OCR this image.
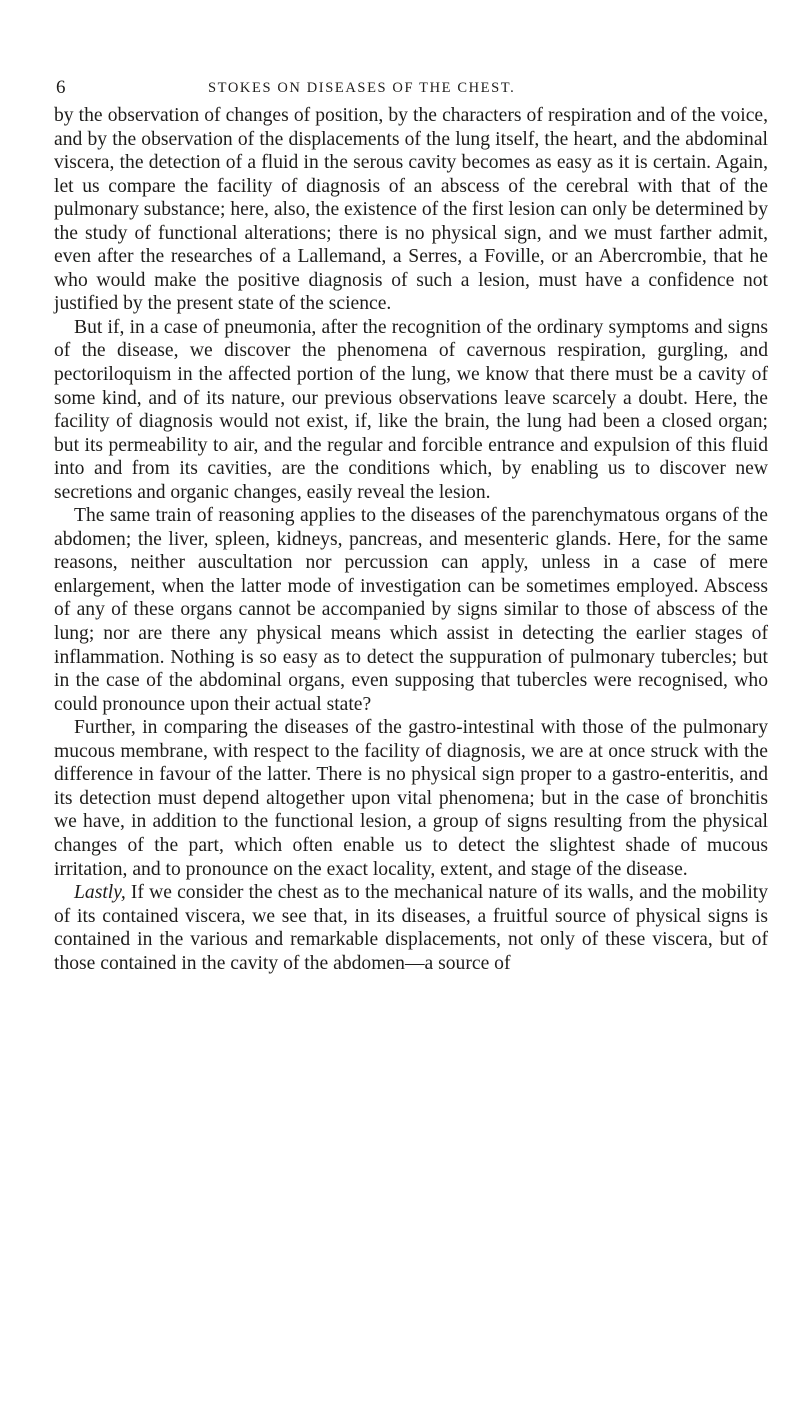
6	STOKES ON DISEASES OF THE CHEST.

by the observation of changes of position, by the characters of respiration and of the voice, and by the observation of the displacements of the lung itself, the heart, and the abdominal viscera, the detection of a fluid in the serous cavity becomes as easy as it is certain. Again, let us compare the facility of diagnosis of an abscess of the cerebral with that of the pulmonary substance; here, also, the existence of the first lesion can only be determined by the study of functional alterations; there is no physical sign, and we must farther admit, even after the researches of a Lallemand, a Serres, a Foville, or an Abercrombie, that he who would make the positive diagnosis of such a lesion, must have a confidence not justified by the present state of the science.

But if, in a case of pneumonia, after the recognition of the ordinary symptoms and signs of the disease, we discover the phenomena of cavernous respiration, gurgling, and pectoriloquism in the affected portion of the lung, we know that there must be a cavity of some kind, and of its nature, our previous observations leave scarcely a doubt. Here, the facility of diagnosis would not exist, if, like the brain, the lung had been a closed organ; but its permeability to air, and the regular and forcible entrance and expulsion of this fluid into and from its cavities, are the conditions which, by enabling us to discover new secretions and organic changes, easily reveal the lesion.

The same train of reasoning applies to the diseases of the parenchymatous organs of the abdomen; the liver, spleen, kidneys, pancreas, and mesenteric glands. Here, for the same reasons, neither auscultation nor percussion can apply, unless in a case of mere enlargement, when the latter mode of investigation can be sometimes employed. Abscess of any of these organs cannot be accompanied by signs similar to those of abscess of the lung; nor are there any physical means which assist in detecting the earlier stages of inflammation. Nothing is so easy as to detect the suppuration of pulmonary tubercles; but in the case of the abdominal organs, even supposing that tubercles were recognised, who could pronounce upon their actual state?

Further, in comparing the diseases of the gastro-intestinal with those of the pulmonary mucous membrane, with respect to the facility of diagnosis, we are at once struck with the difference in favour of the latter. There is no physical sign proper to a gastro-enteritis, and its detection must depend altogether upon vital phenomena; but in the case of bronchitis we have, in addition to the functional lesion, a group of signs resulting from the physical changes of the part, which often enable us to detect the slightest shade of mucous irritation, and to pronounce on the exact locality, extent, and stage of the disease.

Lastly, If we consider the chest as to the mechanical nature of its walls, and the mobility of its contained viscera, we see that, in its diseases, a fruitful source of physical signs is contained in the various and remarkable displacements, not only of these viscera, but of those contained in the cavity of the abdomen—a source of
